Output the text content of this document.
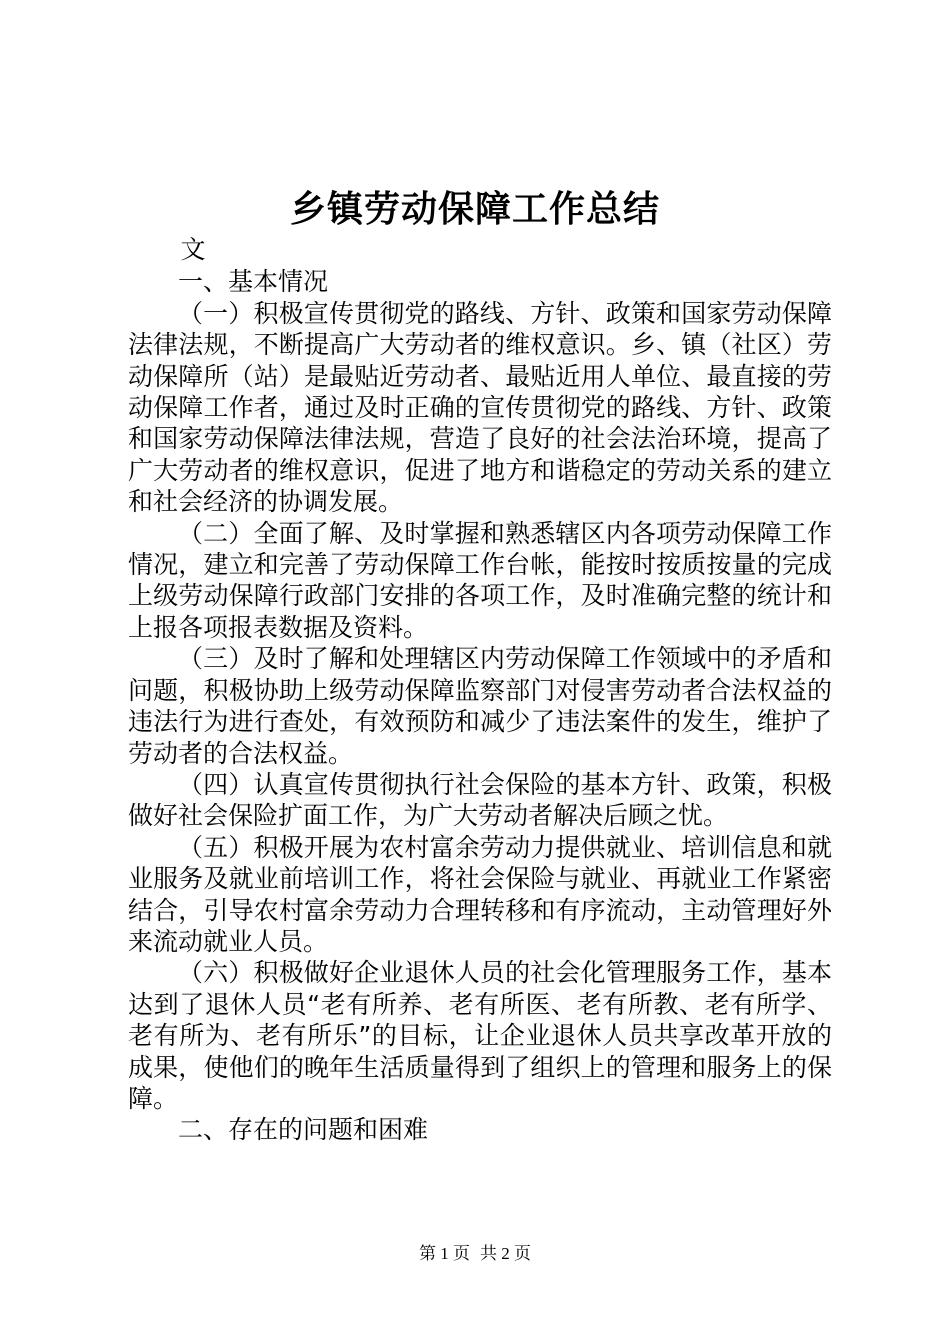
乡镇劳动保障工作总结

文

一、基本情况

（一）积极宣传贯彻党的路线、方针、政策和国家劳动保障法律法规，不断提高广大劳动者的维权意识。乡、镇（社区）劳动保障所（站）是最贴近劳动者、最贴近用人单位、最直接的劳动保障工作者，通过及时正确的宣传贯彻党的路线、方针、政策和国家劳动保障法律法规，营造了良好的社会法治环境，提高了广大劳动者的维权意识，促进了地方和谐稳定的劳动关系的建立和社会经济的协调发展。

（二）全面了解、及时掌握和熟悉辖区内各项劳动保障工作情况，建立和完善了劳动保障工作台帐，能按时按质按量的完成上级劳动保障行政部门安排的各项工作，及时准确完整的统计和上报各项报表数据及资料。

（三）及时了解和处理辖区内劳动保障工作领域中的矛盾和问题，积极协助上级劳动保障监察部门对侵害劳动者合法权益的违法行为进行查处，有效预防和减少了违法案件的发生，维护了劳动者的合法权益。

（四）认真宣传贯彻执行社会保险的基本方针、政策，积极做好社会保险扩面工作，为广大劳动者解决后顾之忧。

（五）积极开展为农村富余劳动力提供就业、培训信息和就业服务及就业前培训工作，将社会保险与就业、再就业工作紧密结合，引导农村富余劳动力合理转移和有序流动，主动管理好外来流动就业人员。

（六）积极做好企业退休人员的社会化管理服务工作，基本达到了退休人员“老有所养、老有所医、老有所教、老有所学、老有所为、老有所乐”的目标，让企业退休人员共享改革开放的成果，使他们的晚年生活质量得到了组织上的管理和服务上的保障。

二、存在的问题和困难

第 1 页 共 2 页
